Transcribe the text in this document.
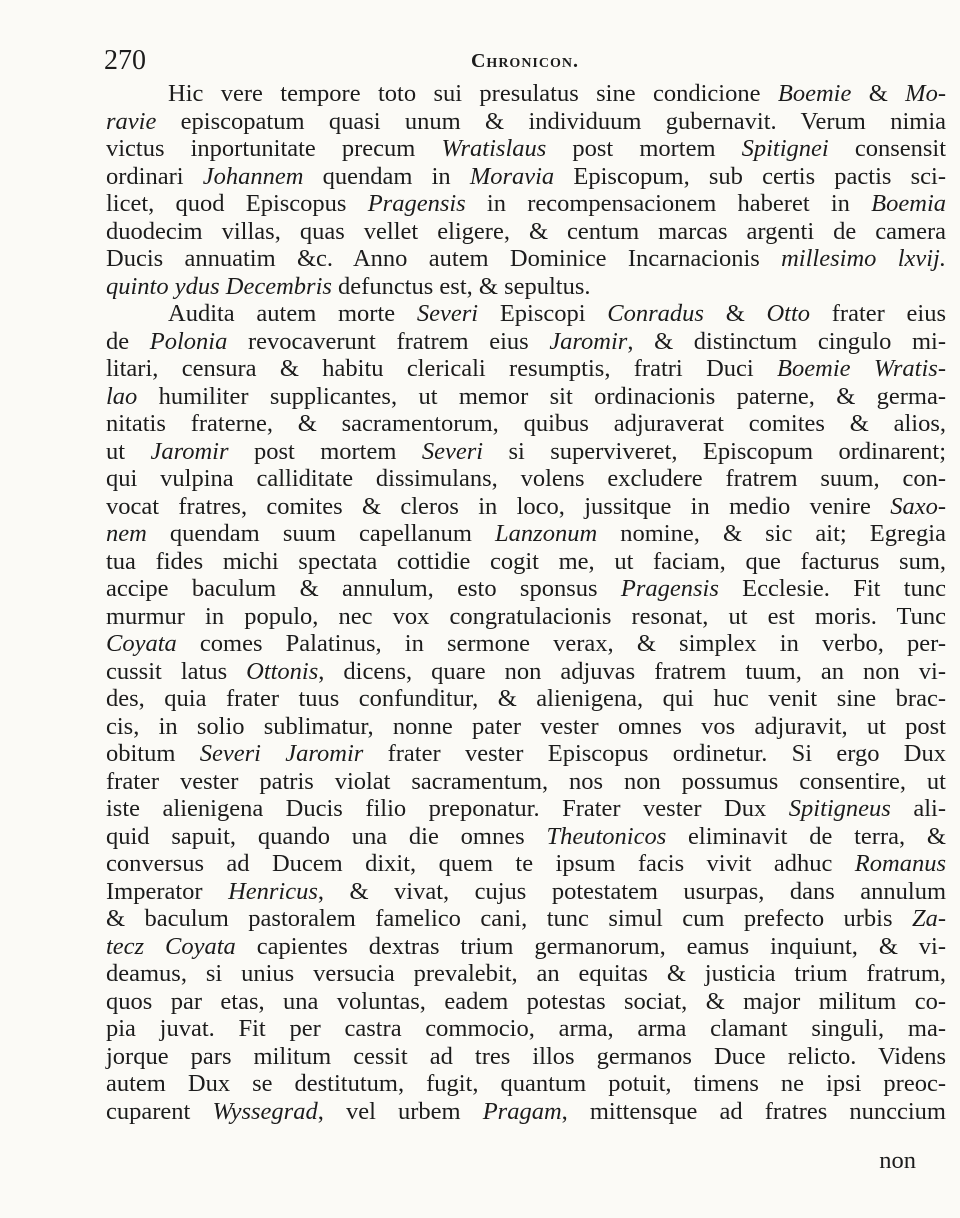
270	Chronicon.
Hic vere tempore toto sui presulatus sine condicione Boemie & Mo-
ravie episcopatum quasi unum & individuum gubernavit. Verum nimia
victus inportunitate precum Wratislaus post mortem Spitignei consensit
ordinari Johannem quendam in Moravia Episcopum, sub certis pactis sci-
licet, quod Episcopus Pragensis in recompensacionem haberet in Boemia
duodecim villas, quas vellet eligere, & centum marcas argenti de camera
Ducis annuatim &c. Anno autem Dominice Incarnacionis millesimo lxvij.
quinto ydus Decembris defunctus est, & sepultus.
Audita autem morte Severi Episcopi Conradus & Otto frater eius
de Polonia revocaverunt fratrem eius Jaromir, & distinctum cingulo mi-
litari, censura & habitu clericali resumptis, fratri Duci Boemie Wratis-
lao humiliter supplicantes, ut memor sit ordinacionis paterne, & germa-
nitatis fraterne, & sacramentorum, quibus adjuraverat comites & alios,
ut Jaromir post mortem Severi si superviveret, Episcopum ordinarent;
qui vulpina calliditate dissimulans, volens excludere fratrem suum, con-
vocat fratres, comites & cleros in loco, jussitque in medio venire Saxo-
nem quendam suum capellanum Lanzonum nomine, & sic ait; Egregia
tua fides michi spectata cottidie cogit me, ut faciam, que facturus sum,
accipe baculum & annulum, esto sponsus Pragensis Ecclesie. Fit tunc
murmur in populo, nec vox congratulacionis resonat, ut est moris. Tunc
Coyata comes Palatinus, in sermone verax, & simplex in verbo, per-
cussit latus Ottonis, dicens, quare non adjuvas fratrem tuum, an non vi-
des, quia frater tuus confunditur, & alienigena, qui huc venit sine brac-
cis, in solio sublimatur, nonne pater vester omnes vos adjuravit, ut post
obitum Severi Jaromir frater vester Episcopus ordinetur. Si ergo Dux
frater vester patris violat sacramentum, nos non possumus consentire, ut
iste alienigena Ducis filio preponatur. Frater vester Dux Spitigneus ali-
quid sapuit, quando una die omnes Theutonicos eliminavit de terra, &
conversus ad Ducem dixit, quem te ipsum facis vivit adhuc Romanus
Imperator Henricus, & vivat, cujus potestatem usurpas, dans annulum
& baculum pastoralem famelico cani, tunc simul cum prefecto urbis Za-
tecz Coyata capientes dextras trium germanorum, eamus inquiunt, & vi-
deamus, si unius versucia prevalebit, an equitas & justicia trium fratrum,
quos par etas, una voluntas, eadem potestas sociat, & major militum co-
pia juvat. Fit per castra commocio, arma, arma clamant singuli, ma-
jorque pars militum cessit ad tres illos germanos Duce relicto. Videns
autem Dux se destitutum, fugit, quantum potuit, timens ne ipsi preoc-
cuparent Wyssegrad, vel urbem Pragam, mittensque ad fratres nunccium
non
